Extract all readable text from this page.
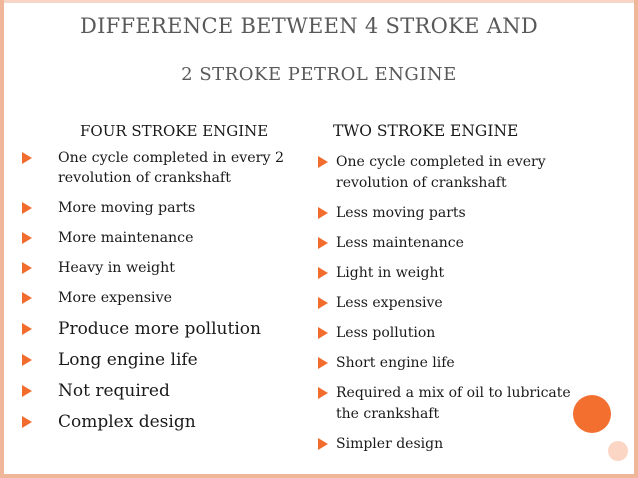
DIFFERENCE BETWEEN 4 STROKE AND
2 STROKE PETROL ENGINE
FOUR STROKE ENGINE	TWO STROKE ENGINE
One cycle completed in every 2 revolution of crankshaft
More moving parts
More maintenance
Heavy in weight
More expensive
Produce more pollution
Long engine life
Not required
Complex design
One cycle completed in every revolution of crankshaft
Less moving parts
Less maintenance
Light in weight
Less expensive
Less pollution
Short engine life
Required a mix of oil to lubricate the crankshaft
Simpler design
